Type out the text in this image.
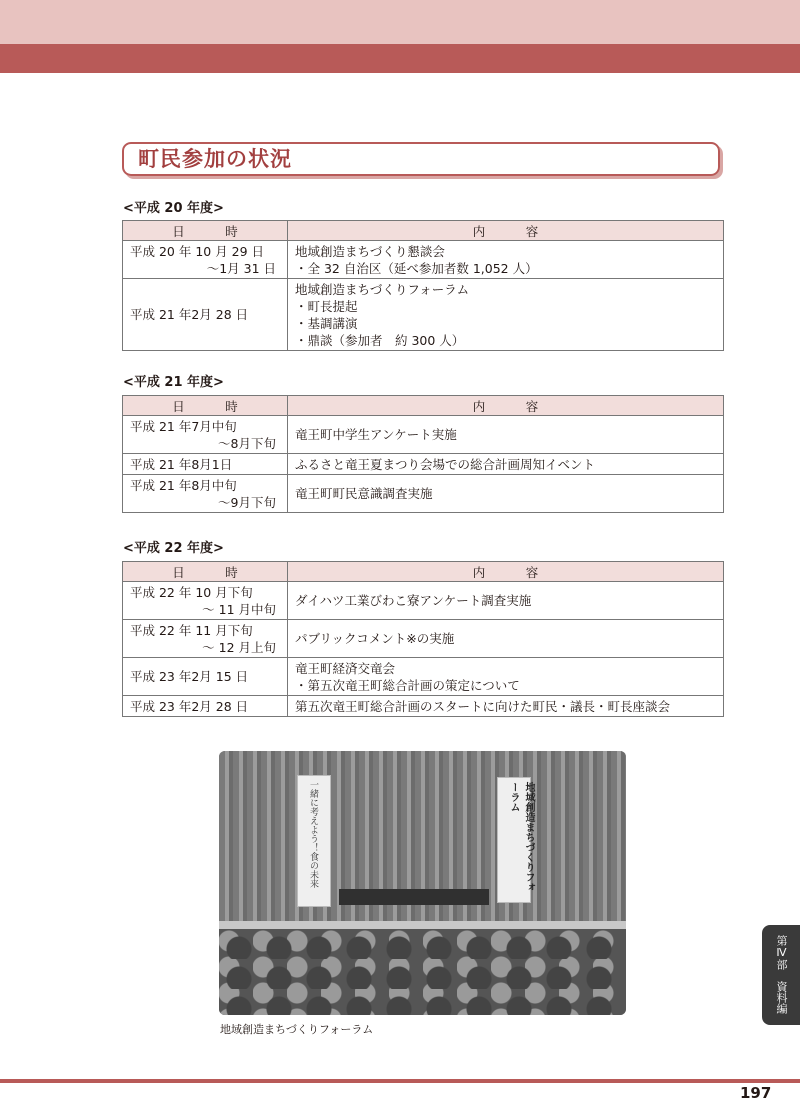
町民参加の状況
<平成 20 年度>
日　時	内　容

平成 20 年 10 月 29 日
～1月 31 日	地域創造まちづくり懇談会
・全 32 自治区（延べ参加者数 1,052 人）

平成 21 年2月 28 日	地域創造まちづくりフォーラム
・町長提起
・基調講演
・鼎談（参加者　約 300 人）
<平成 21 年度>
日　時	内　容

平成 21 年7月中旬
～8月下旬	竜王町中学生アンケート実施
平成 21 年8月1日	ふるさと竜王夏まつり会場での総合計画周知イベント

平成 21 年8月中旬
～9月下旬	竜王町町民意識調査実施
<平成 22 年度>
日　時	内　容

平成 22 年 10 月下旬
～ 11 月中旬	ダイハツ工業びわこ寮アンケート調査実施

平成 22 年 11 月下旬
～ 12 月上旬	パブリックコメント※の実施
平成 23 年2月 15 日	竜王町経済交竜会
・第五次竜王町総合計画の策定について

平成 23 年2月 28 日	第五次竜王町総合計画のスタートに向けた町民・議長・町長座談会
一緒に考えよう！食の未来	地域創造まちづくりフォーラム
地域創造まちづくりフォーラム
第Ⅳ部　資料編
197
